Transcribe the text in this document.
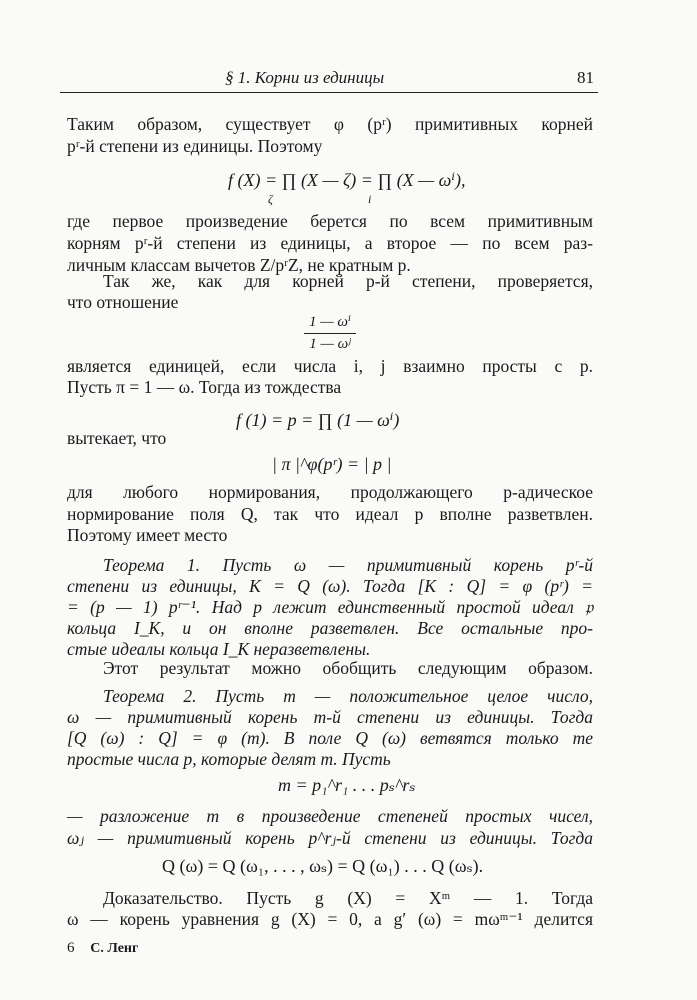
§ 1. Корни из единицы	81
Таким образом, существует φ (pʳ) примитивных корней
pʳ-й степени из единицы. Поэтому
f (X) = ∏ (X — ζ) = ∏ (X — ωⁱ),
ζ	i
где первое произведение берется по всем примитивным
корням pʳ-й степени из единицы, а второе — по всем раз-
личным классам вычетов Z/pʳZ, не кратным p.
Так же, как для корней p-й степени, проверяется,
что отношение
1 — ωⁱ
1 — ωʲ
является единицей, если числа i, j взаимно просты с p.
Пусть π = 1 — ω. Тогда из тождества
f (1) = p = ∏ (1 — ωⁱ)
вытекает, что
| π |^φ(pʳ) = | p |
для любого нормирования, продолжающего p-адическое
нормирование поля Q, так что идеал p вполне разветвлен.
Поэтому имеет место
Теорема 1. Пусть ω — примитивный корень pʳ-й
степени из единицы, K = Q (ω). Тогда [K : Q] = φ (pʳ) =
= (p — 1) pʳ⁻¹. Над p лежит единственный простой идеал 𝔭
кольца I_K, и он вполне разветвлен. Все остальные про-
стые идеалы кольца I_K неразветвлены.
Этот результат можно обобщить следующим образом.
Теорема 2. Пусть m — положительное целое число,
ω — примитивный корень m-й степени из единицы. Тогда
[Q (ω) : Q] = φ (m). В поле Q (ω) ветвятся только те
простые числа p, которые делят m. Пусть
m = p₁^r₁ . . . pₛ^rₛ
— разложение m в произведение степеней простых чисел,
ωⱼ — примитивный корень p^rⱼ-й степени из единицы. Тогда
Q (ω) = Q (ω₁, . . . , ωₛ) = Q (ω₁) . . . Q (ωₛ).
Доказательство. Пусть g (X) = Xᵐ — 1. Тогда
ω — корень уравнения g (X) = 0, а g′ (ω) = mωᵐ⁻¹ делится
6 С. Ленг
